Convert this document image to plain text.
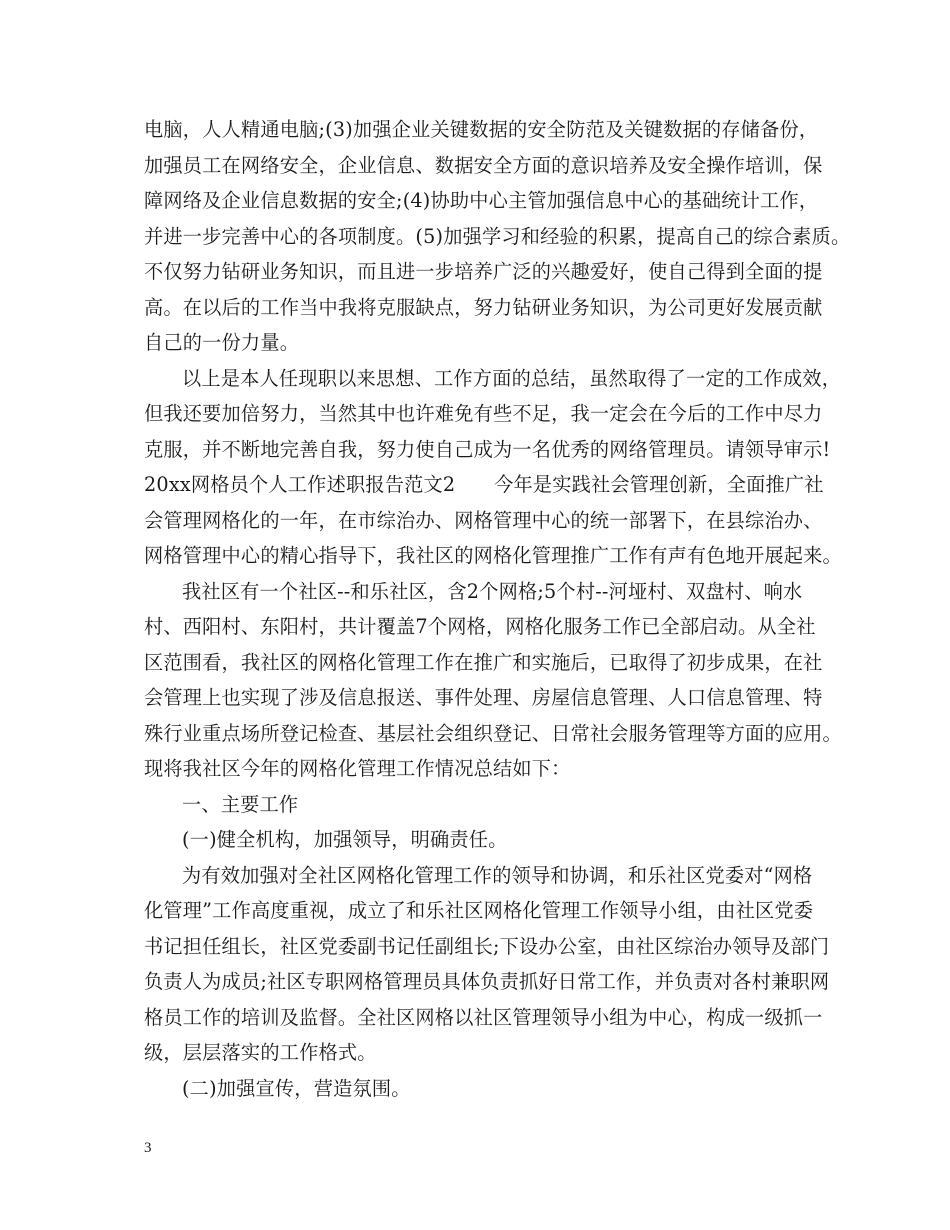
电脑，人人精通电脑;(3)加强企业关键数据的安全防范及关键数据的存储备份，
加强员工在网络安全，企业信息、数据安全方面的意识培养及安全操作培训，保
障网络及企业信息数据的安全;(4)协助中心主管加强信息中心的基础统计工作，
并进一步完善中心的各项制度。(5)加强学习和经验的积累，提高自己的综合素质。
不仅努力钻研业务知识，而且进一步培养广泛的兴趣爱好，使自己得到全面的提
高。在以后的工作当中我将克服缺点，努力钻研业务知识，为公司更好发展贡献
自己的一份力量。
以上是本人任现职以来思想、工作方面的总结，虽然取得了一定的工作成效，
但我还要加倍努力，当然其中也许难免有些不足，我一定会在今后的工作中尽力
克服，并不断地完善自我，努力使自己成为一名优秀的网络管理员。请领导审示!
20xx网格员个人工作述职报告范文2　　今年是实践社会管理创新，全面推广社
会管理网格化的一年，在市综治办、网格管理中心的统一部署下，在县综治办、
网格管理中心的精心指导下，我社区的网格化管理推广工作有声有色地开展起来。
我社区有一个社区--和乐社区，含2个网格;5个村--河垭村、双盘村、响水
村、西阳村、东阳村，共计覆盖7个网格，网格化服务工作已全部启动。从全社
区范围看，我社区的网格化管理工作在推广和实施后，已取得了初步成果，在社
会管理上也实现了涉及信息报送、事件处理、房屋信息管理、人口信息管理、特
殊行业重点场所登记检查、基层社会组织登记、日常社会服务管理等方面的应用。
现将我社区今年的网格化管理工作情况总结如下：
一、主要工作
(一)健全机构，加强领导，明确责任。
为有效加强对全社区网格化管理工作的领导和协调，和乐社区党委对“网格
化管理”工作高度重视，成立了和乐社区网格化管理工作领导小组，由社区党委
书记担任组长，社区党委副书记任副组长;下设办公室，由社区综治办领导及部门
负责人为成员;社区专职网格管理员具体负责抓好日常工作，并负责对各村兼职网
格员工作的培训及监督。全社区网格以社区管理领导小组为中心，构成一级抓一
级，层层落实的工作格式。
(二)加强宣传，营造氛围。
3
